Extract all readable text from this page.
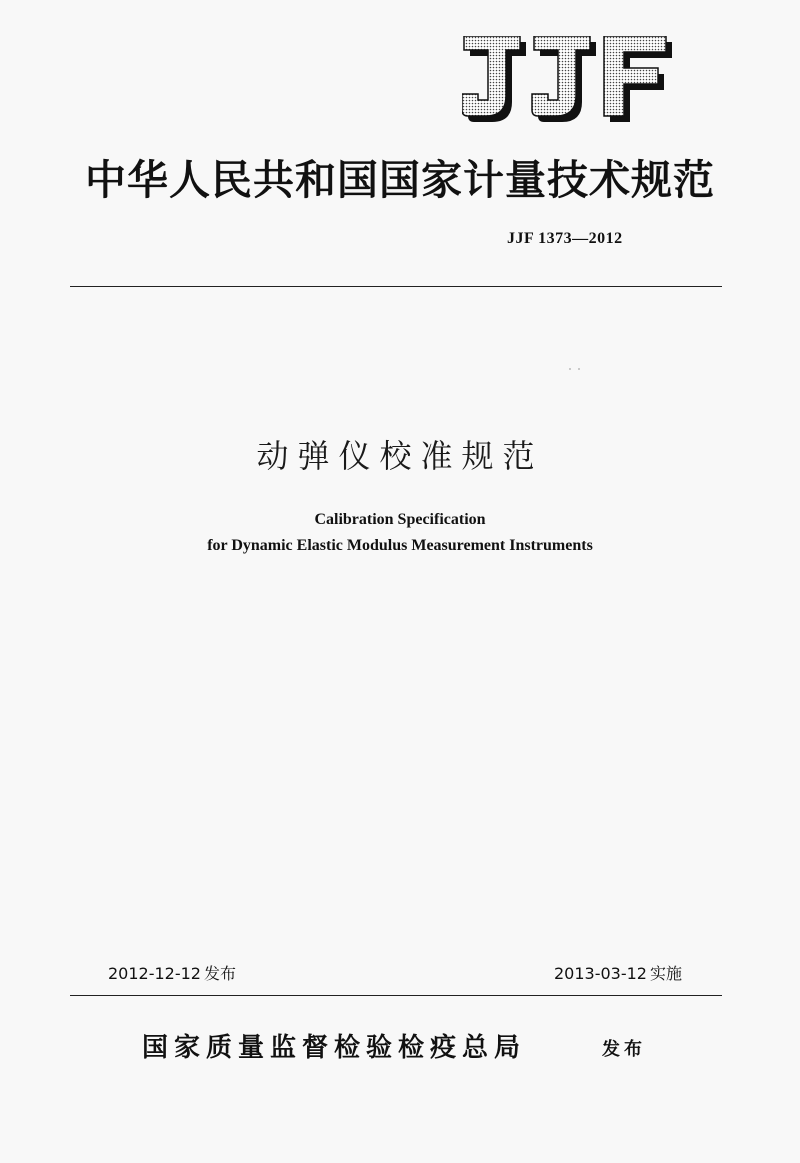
中华人民共和国国家计量技术规范
JJF 1373—2012
动弹仪校准规范
Calibration Specification
for Dynamic Elastic Modulus Measurement Instruments
2012-12-12 发布	2013-03-12 实施
国家质量监督检验检疫总局	发布
